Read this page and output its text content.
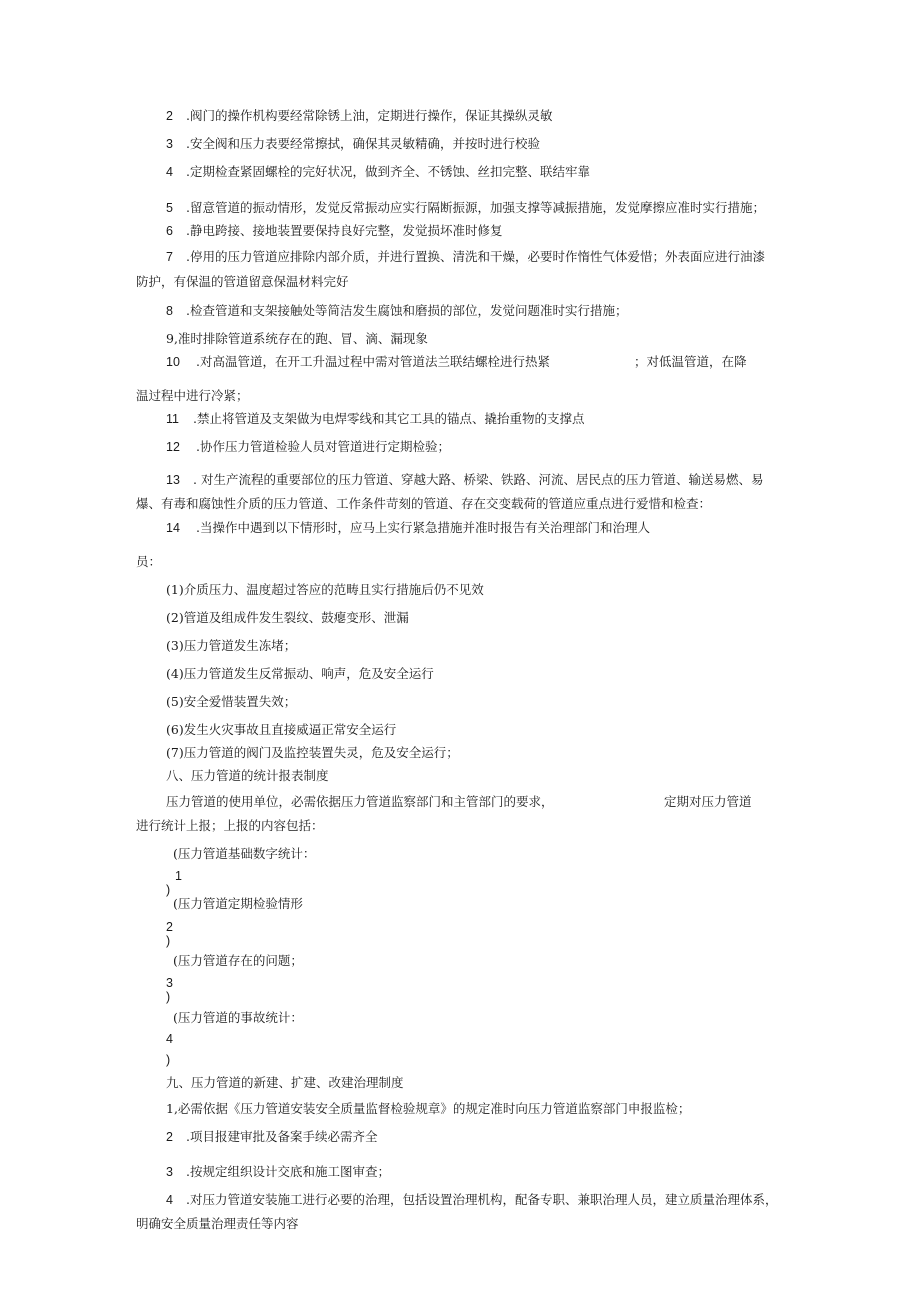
2 .阀门的操作机构要经常除锈上油，定期进行操作，保证其操纵灵敏
3 .安全阀和压力表要经常擦拭，确保其灵敏精确，并按时进行校验
4 .定期检查紧固螺栓的完好状况，做到齐全、不锈蚀、丝扣完整、联结牢靠
5 .留意管道的振动情形，发觉反常振动应实行隔断振源，加强支撑等减振措施，发觉摩擦应准时实行措施；
6 .静电跨接、接地装置要保持良好完整，发觉损坏准时修复
7 .停用的压力管道应排除内部介质，并进行置换、清洗和干燥，必要时作惰性气体爱惜；外表面应进行油漆
防护，有保温的管道留意保温材料完好
8 .检查管道和支架接触处等简洁发生腐蚀和磨损的部位，发觉问题准时实行措施；
9,准时排除管道系统存在的跑、冒、滴、漏现象
10 .对高温管道，在开工升温过程中需对管道法兰联结螺栓进行热紧	；对低温管道，在降
温过程中进行冷紧；
11 .禁止将管道及支架做为电焊零线和其它工具的锚点、撬抬重物的支撑点
12 .协作压力管道检验人员对管道进行定期检验；
13 . 对生产流程的重要部位的压力管道、穿越大路、桥梁、铁路、河流、居民点的压力管道、输送易燃、易
爆、有毒和腐蚀性介质的压力管道、工作条件苛刻的管道、存在交变载荷的管道应重点进行爱惜和检查：
14 .当操作中遇到以下情形时，应马上实行紧急措施并准时报告有关治理部门和治理人
员：
(1)介质压力、温度超过答应的范畴且实行措施后仍不见效
(2)管道及组成件发生裂纹、鼓瘪变形、泄漏
(3)压力管道发生冻堵；
(4)压力管道发生反常振动、响声，危及安全运行
(5)安全爱惜装置失效；
(6)发生火灾事故且直接威逼正常安全运行
(7)压力管道的阀门及监控装置失灵，危及安全运行；
八、压力管道的统计报表制度
压力管道的使用单位，必需依据压力管道监察部门和主管部门的要求，	定期对压力管道
进行统计上报；上报的内容包括：
(压力管道基础数字统计：
1
)
(压力管道定期检验情形
2
)
(压力管道存在的问题；
3
)
(压力管道的事故统计：
4
)
九、压力管道的新建、扩建、改建治理制度
1,必需依据《压力管道安装安全质量监督检验规章》的规定准时向压力管道监察部门申报监检；
2 .项目报建审批及备案手续必需齐全
3 .按规定组织设计交底和施工图审查；
4 .对压力管道安装施工进行必要的治理，包括设置治理机构，配备专职、兼职治理人员，建立质量治理体系，
明确安全质量治理责任等内容
